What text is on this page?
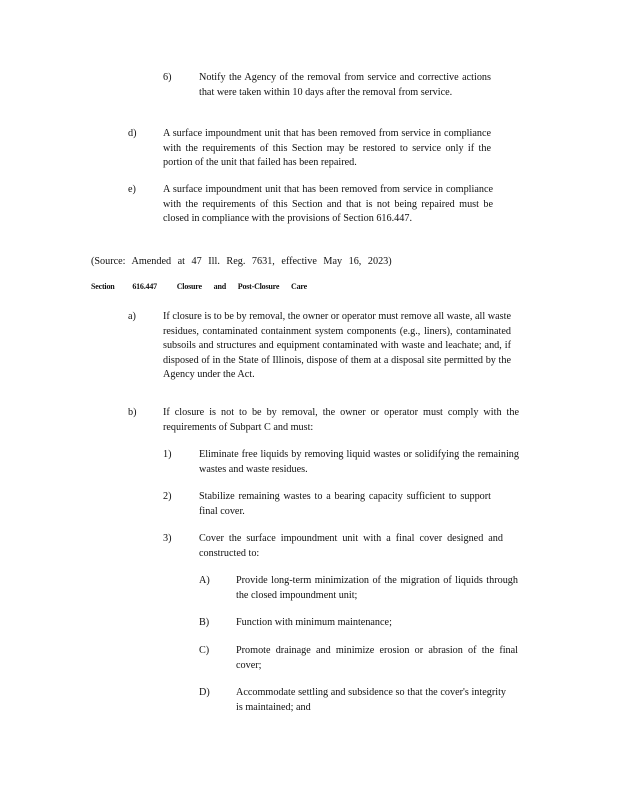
6)	Notify the Agency of the removal from service and corrective actions that were taken within 10 days after the removal from service.
d)	A surface impoundment unit that has been removed from service in compliance with the requirements of this Section may be restored to service only if the portion of the unit that failed has been repaired.
e)	A surface impoundment unit that has been removed from service in compliance with the requirements of this Section and that is not being repaired must be closed in compliance with the provisions of Section 616.447.
(Source: Amended at 47 Ill. Reg. 7631, effective May 16, 2023)
Section 616.447 Closure and Post-Closure Care
a)	If closure is to be by removal, the owner or operator must remove all waste, all waste residues, contaminated containment system components (e.g., liners), contaminated subsoils and structures and equipment contaminated with waste and leachate; and, if disposed of in the State of Illinois, dispose of them at a disposal site permitted by the Agency under the Act.
b)	If closure is not to be by removal, the owner or operator must comply with the requirements of Subpart C and must:
1)	Eliminate free liquids by removing liquid wastes or solidifying the remaining wastes and waste residues.
2)	Stabilize remaining wastes to a bearing capacity sufficient to support final cover.
3)	Cover the surface impoundment unit with a final cover designed and constructed to:
A)	Provide long-term minimization of the migration of liquids through the closed impoundment unit;
B)	Function with minimum maintenance;
C)	Promote drainage and minimize erosion or abrasion of the final cover;
D)	Accommodate settling and subsidence so that the cover's integrity is maintained; and
